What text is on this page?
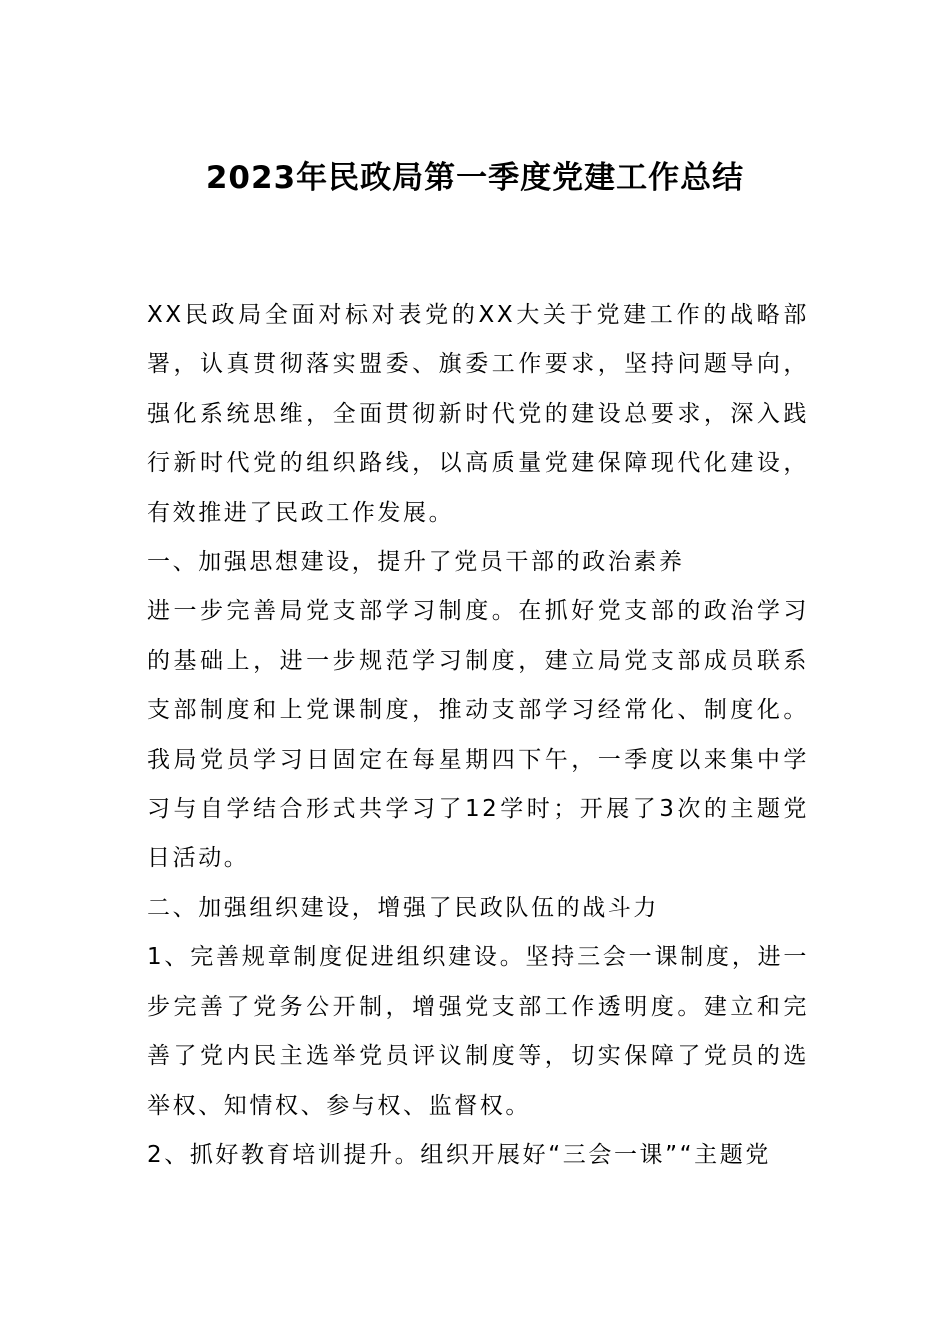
2023年民政局第一季度党建工作总结

XX民政局全面对标对表党的XX大关于党建工作的战略部署，认真贯彻落实盟委、旗委工作要求，坚持问题导向，强化系统思维，全面贯彻新时代党的建设总要求，深入践行新时代党的组织路线，以高质量党建保障现代化建设，有效推进了民政工作发展。

一、加强思想建设，提升了党员干部的政治素养

进一步完善局党支部学习制度。在抓好党支部的政治学习的基础上，进一步规范学习制度，建立局党支部成员联系支部制度和上党课制度，推动支部学习经常化、制度化。我局党员学习日固定在每星期四下午，一季度以来集中学习与自学结合形式共学习了12学时；开展了3次的主题党日活动。

二、加强组织建设，增强了民政队伍的战斗力

1、完善规章制度促进组织建设。坚持三会一课制度，进一步完善了党务公开制，增强党支部工作透明度。建立和完善了党内民主选举党员评议制度等，切实保障了党员的选举权、知情权、参与权、监督权。

2、抓好教育培训提升。组织开展好“三会一课”“主题党
